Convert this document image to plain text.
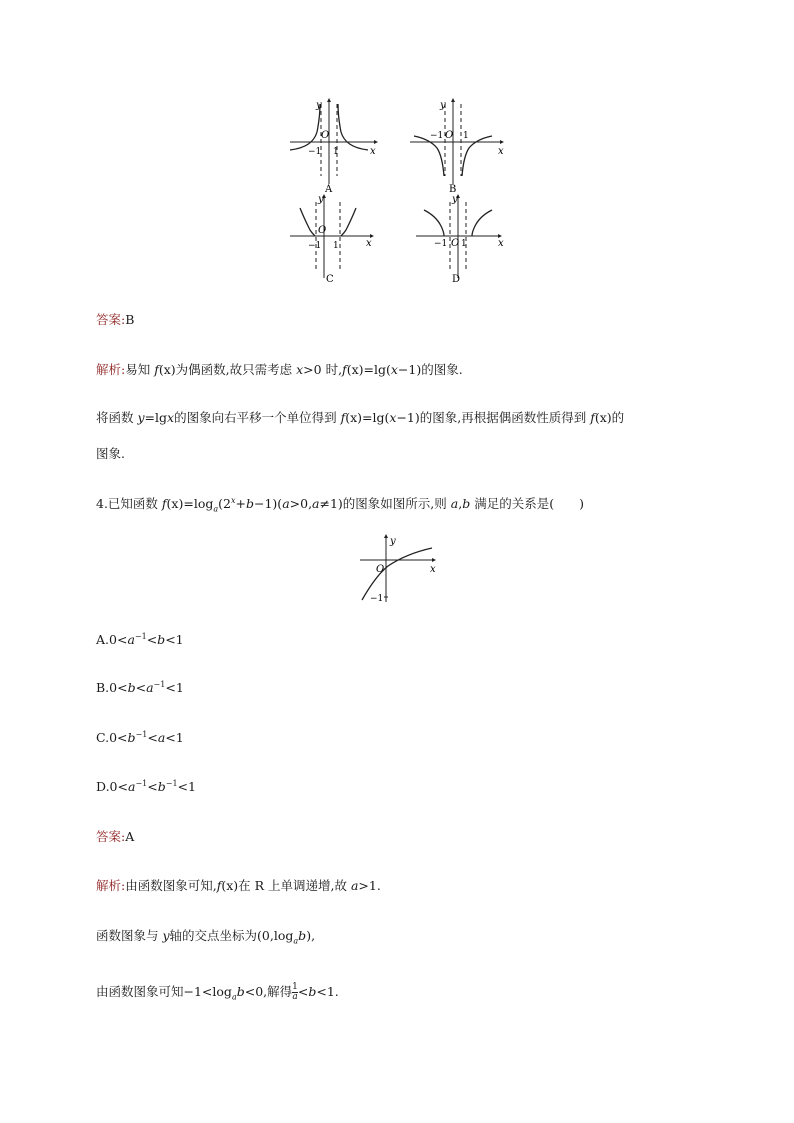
y
x
O
−1 1
A
y
x
O
−1 1
B
y
x
O
−1 1
C
y
x
O
−1 1
D
答案:B
解析:易知 f(x)为偶函数,故只需考虑 x>0 时,f(x)=lg(x−1)的图象.
将函数 y=lgx的图象向右平移一个单位得到 f(x)=lg(x−1)的图象,再根据偶函数性质得到 f(x)的
图象.
4.已知函数 $f(x)=\log_a(2^x+b-1)(a>0,a\ne 1)$的图象如图所示,则 a,b 满足的关系是(　　)
y
x
O
−1
$A.0<a^{-1}<b<1$
$B.0<b<a^{-1}<1$
$C.0<b^{-1}<a<1$
$D.0<a^{-1}<b^{-1}<1$
答案:A
解析:由函数图象可知,f(x)在 R 上单调递增,故 a>1.
函数图象与 y轴的交点坐标为$(0,\log_ab)$,
由函数图象可知$-1<\log_ab<0$,解得 $\frac{1}{a} <b<1$.
